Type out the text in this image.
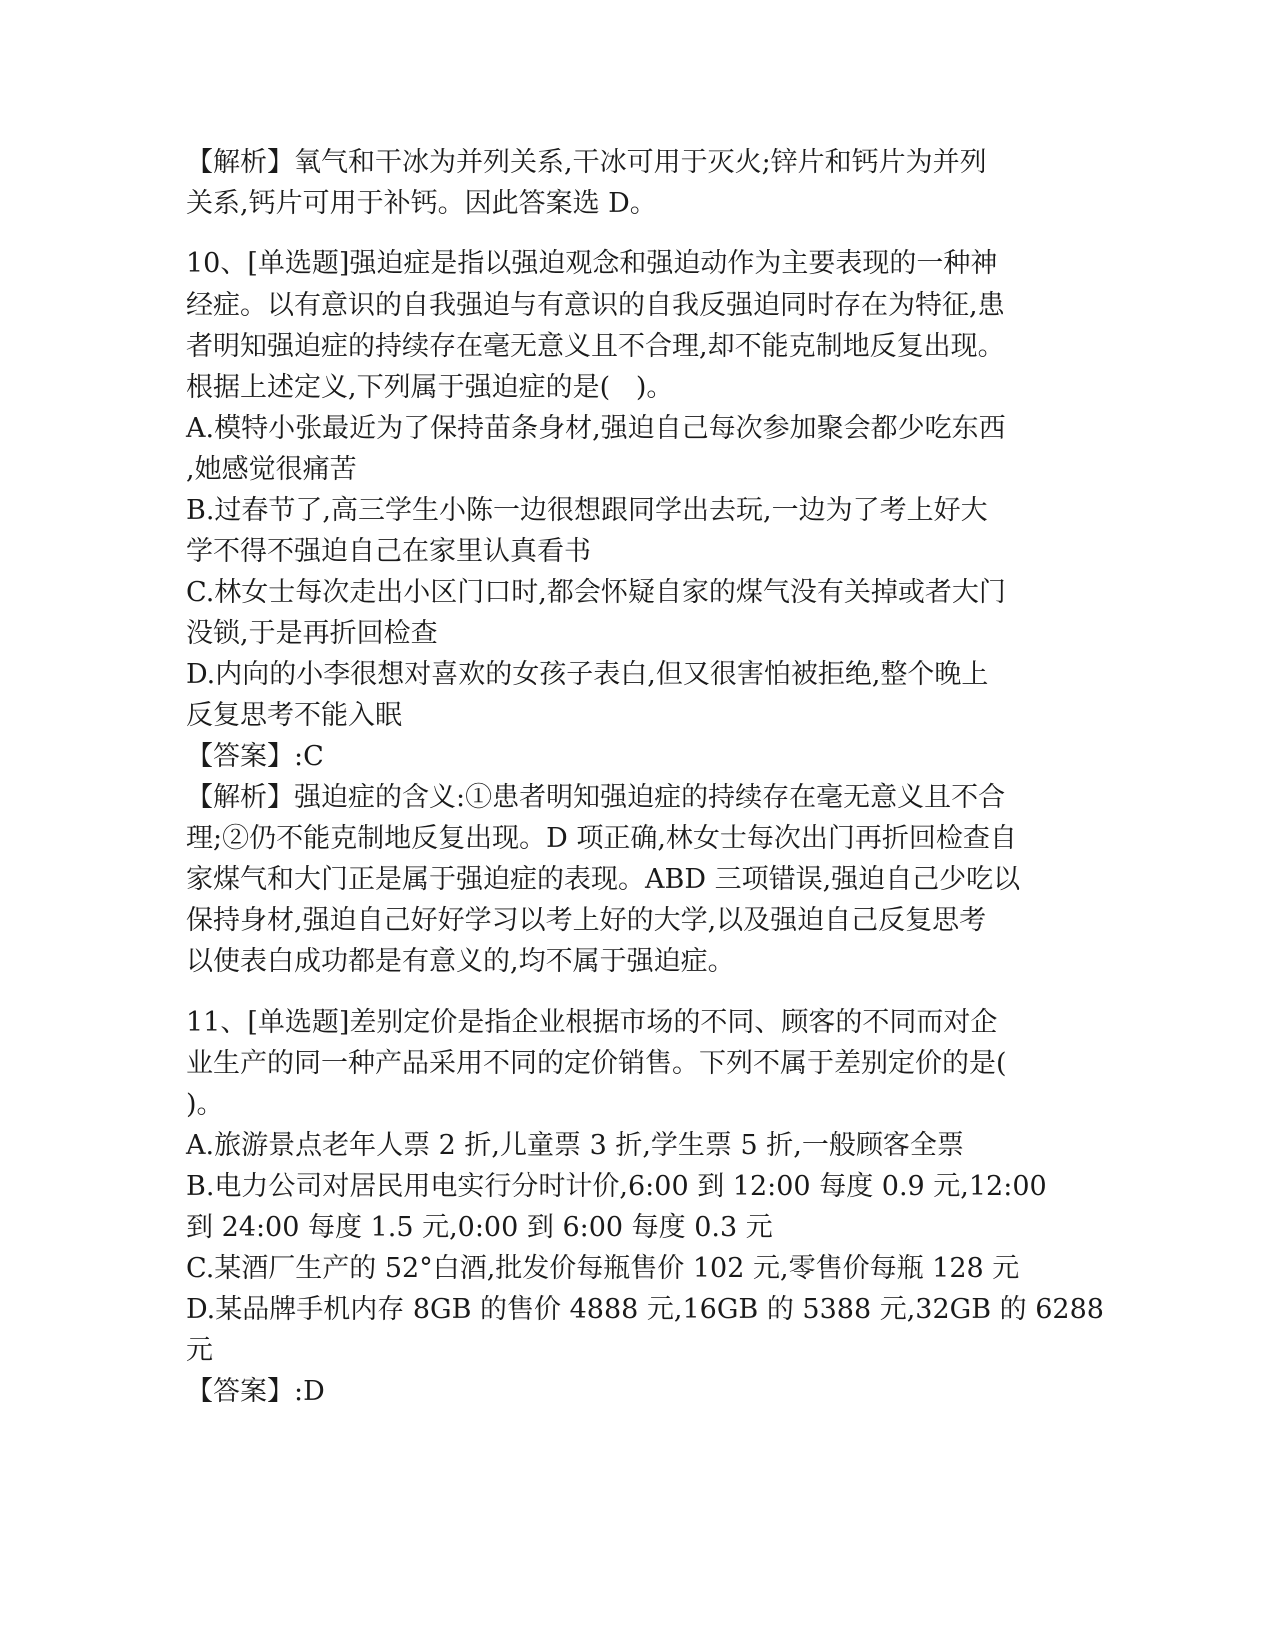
【解析】氧气和干冰为并列关系,干冰可用于灭火;锌片和钙片为并列
关系,钙片可用于补钙。因此答案选 D。
10、[单选题]强迫症是指以强迫观念和强迫动作为主要表现的一种神
经症。以有意识的自我强迫与有意识的自我反强迫同时存在为特征,患
者明知强迫症的持续存在毫无意义且不合理,却不能克制地反复出现。
根据上述定义,下列属于强迫症的是(   )。
A.模特小张最近为了保持苗条身材,强迫自己每次参加聚会都少吃东西
,她感觉很痛苦
B.过春节了,高三学生小陈一边很想跟同学出去玩,一边为了考上好大
学不得不强迫自己在家里认真看书
C.林女士每次走出小区门口时,都会怀疑自家的煤气没有关掉或者大门
没锁,于是再折回检查
D.内向的小李很想对喜欢的女孩子表白,但又很害怕被拒绝,整个晚上
反复思考不能入眠
【答案】:C
【解析】强迫症的含义:①患者明知强迫症的持续存在毫无意义且不合
理;②仍不能克制地反复出现。D 项正确,林女士每次出门再折回检查自
家煤气和大门正是属于强迫症的表现。ABD 三项错误,强迫自己少吃以
保持身材,强迫自己好好学习以考上好的大学,以及强迫自己反复思考
以使表白成功都是有意义的,均不属于强迫症。
11、[单选题]差别定价是指企业根据市场的不同、顾客的不同而对企
业生产的同一种产品采用不同的定价销售。下列不属于差别定价的是(
)。
A.旅游景点老年人票 2 折,儿童票 3 折,学生票 5 折,一般顾客全票
B.电力公司对居民用电实行分时计价,6:00 到 12:00 每度 0.9 元,12:00
到 24:00 每度 1.5 元,0:00 到 6:00 每度 0.3 元
C.某酒厂生产的 52°白酒,批发价每瓶售价 102 元,零售价每瓶 128 元
D.某品牌手机内存 8GB 的售价 4888 元,16GB 的 5388 元,32GB 的 6288
元
【答案】:D
